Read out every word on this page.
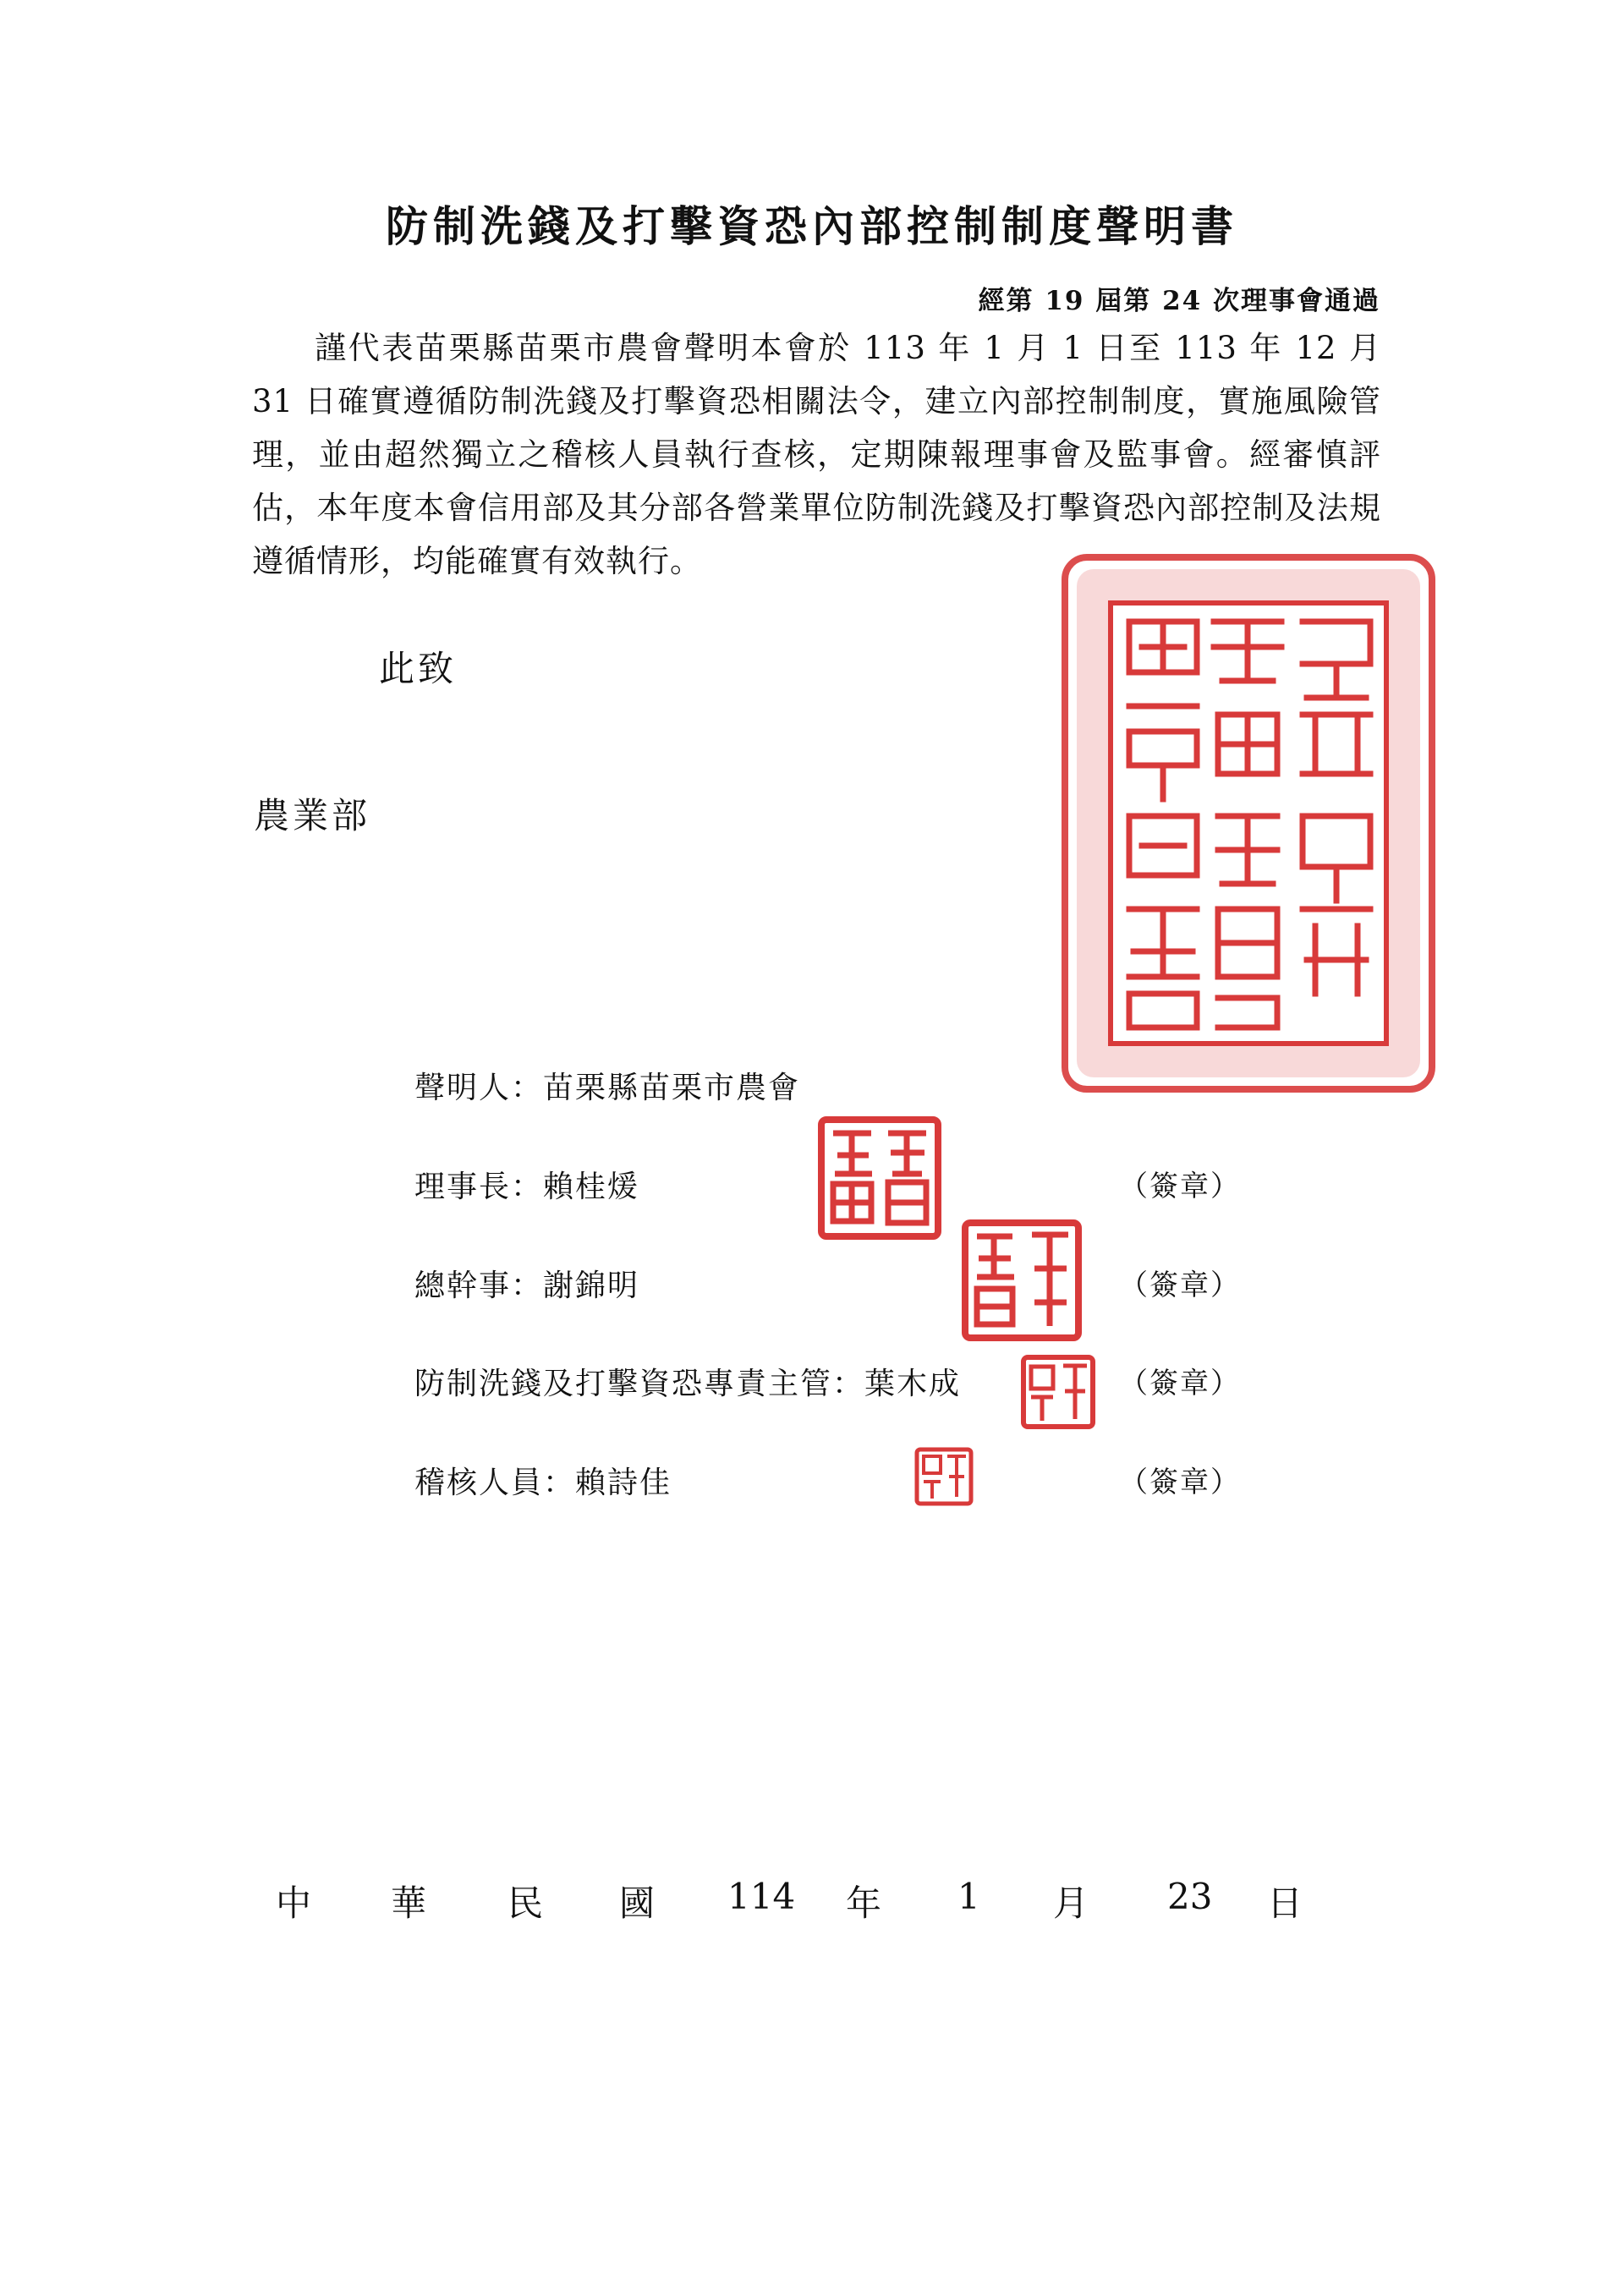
防制洗錢及打擊資恐內部控制制度聲明書
經第 19 屆第 24 次理事會通過
謹代表苗栗縣苗栗市農會聲明本會於 113 年 1 月 1 日至 113 年 12 月 31 日確實遵循防制洗錢及打擊資恐相關法令，建立內部控制制度，實施風險管理，並由超然獨立之稽核人員執行查核，定期陳報理事會及監事會。經審慎評估，本年度本會信用部及其分部各營業單位防制洗錢及打擊資恐內部控制及法規遵循情形，均能確實有效執行。
此致
農業部
聲明人：苗栗縣苗栗市農會
理事長：賴桂煖	（簽章）
總幹事：謝錦明	（簽章）
防制洗錢及打擊資恐專責主管：葉木成	（簽章）
稽核人員：賴詩佳	（簽章）
中 華 民 國 114 年 1 月 23 日
